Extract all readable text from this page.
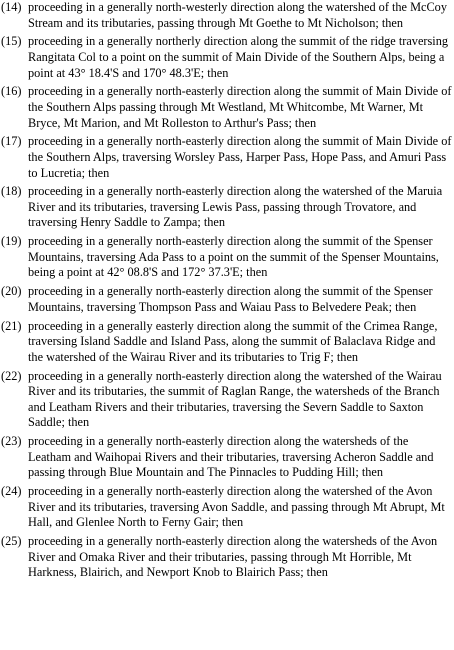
(14) proceeding in a generally north-westerly direction along the watershed of the McCoy Stream and its tributaries, passing through Mt Goethe to Mt Nicholson; then
(15) proceeding in a generally northerly direction along the summit of the ridge traversing Rangitata Col to a point on the summit of Main Divide of the Southern Alps, being a point at 43° 18.4'S and 170° 48.3'E; then
(16) proceeding in a generally north-easterly direction along the summit of Main Divide of the Southern Alps passing through Mt Westland, Mt Whitcombe, Mt Warner, Mt Bryce, Mt Marion, and Mt Rolleston to Arthur's Pass; then
(17) proceeding in a generally north-easterly direction along the summit of Main Divide of the Southern Alps, traversing Worsley Pass, Harper Pass, Hope Pass, and Amuri Pass to Lucretia; then
(18) proceeding in a generally north-easterly direction along the watershed of the Maruia River and its tributaries, traversing Lewis Pass, passing through Trovatore, and traversing Henry Saddle to Zampa; then
(19) proceeding in a generally north-easterly direction along the summit of the Spenser Mountains, traversing Ada Pass to a point on the summit of the Spenser Mountains, being a point at 42° 08.8'S and 172° 37.3'E; then
(20) proceeding in a generally north-easterly direction along the summit of the Spenser Mountains, traversing Thompson Pass and Waiau Pass to Belvedere Peak; then
(21) proceeding in a generally easterly direction along the summit of the Crimea Range, traversing Island Saddle and Island Pass, along the summit of Balaclava Ridge and the watershed of the Wairau River and its tributaries to Trig F; then
(22) proceeding in a generally north-easterly direction along the watershed of the Wairau River and its tributaries, the summit of Raglan Range, the watersheds of the Branch and Leatham Rivers and their tributaries, traversing the Severn Saddle to Saxton Saddle; then
(23) proceeding in a generally north-easterly direction along the watersheds of the Leatham and Waihopai Rivers and their tributaries, traversing Acheron Saddle and passing through Blue Mountain and The Pinnacles to Pudding Hill; then
(24) proceeding in a generally north-easterly direction along the watershed of the Avon River and its tributaries, traversing Avon Saddle, and passing through Mt Abrupt, Mt Hall, and Glenlee North to Ferny Gair; then
(25) proceeding in a generally north-easterly direction along the watersheds of the Avon River and Omaka River and their tributaries, passing through Mt Horrible, Mt Harkness, Blairich, and Newport Knob to Blairich Pass; then
